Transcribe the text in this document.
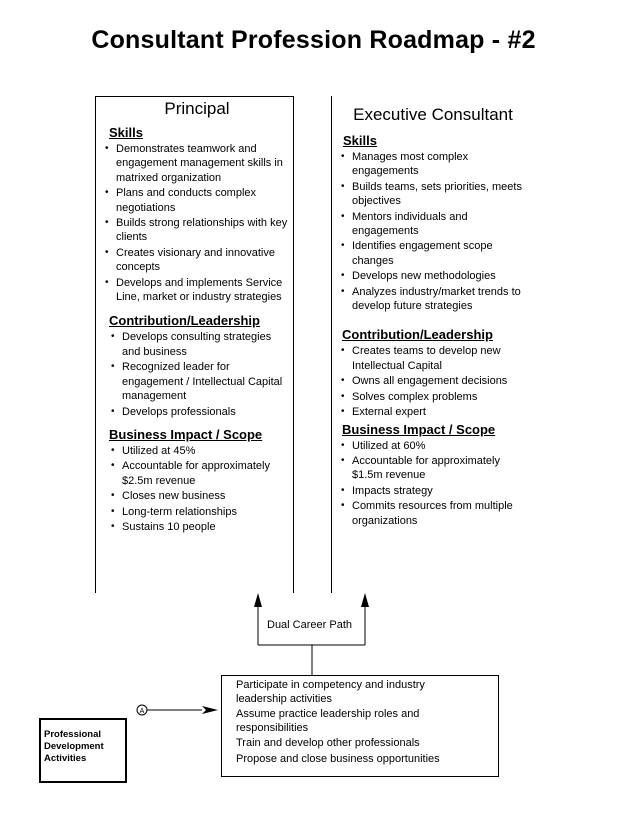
Consultant Profession Roadmap - #2
Principal
Skills
• Demonstrates teamwork and engagement management skills in matrixed organization
• Plans and conducts complex negotiations
• Builds strong relationships with key clients
• Creates visionary and innovative concepts
• Develops and implements Service Line, market or industry strategies
Contribution/Leadership
• Develops consulting strategies and business
• Recognized leader for engagement / Intellectual Capital management
• Develops professionals
Business Impact / Scope
• Utilized at 45%
• Accountable for approximately $2.5m revenue
• Closes new business
• Long-term relationships
• Sustains 10 people
Executive Consultant
Skills
• Manages most complex engagements
• Builds teams, sets priorities, meets objectives
• Mentors individuals and engagements
• Identifies engagement scope changes
• Develops new methodologies
• Analyzes industry/market trends to develop future strategies
Contribution/Leadership
• Creates teams to develop new Intellectual Capital
• Owns all engagement decisions
• Solves complex problems
• External expert
Business Impact / Scope
• Utilized at 60%
• Accountable for approximately $1.5m revenue
• Impacts strategy
• Commits resources from multiple organizations
A
Dual Career Path
Participate in competency and industry leadership activities
Assume practice leadership roles and responsibilities
Train and develop other professionals
Propose and close business opportunities
Professional
Development
Activities
